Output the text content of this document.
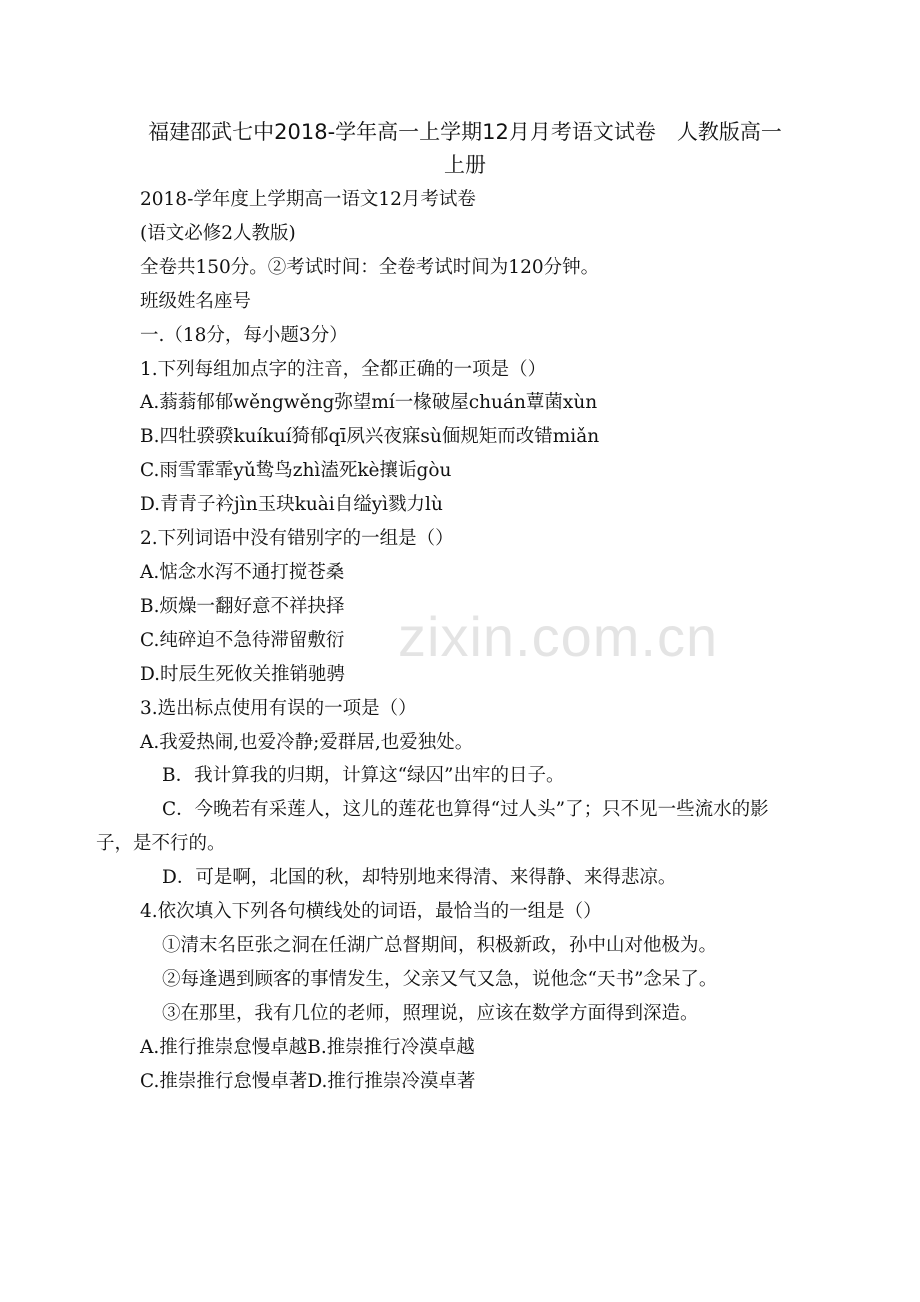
福建邵武七中2018-学年高一上学期12月月考语文试卷　人教版高一上册

2018-学年度上学期高一语文12月考试卷

(语文必修2人教版)

全卷共150分。②考试时间：全卷考试时间为120分钟。

班级姓名座号

一.（18分，每小题3分）

1.下列每组加点字的注音，全都正确的一项是（）

A.蓊蓊郁郁wěngwěng弥望mí一椽破屋chuán蕈菌xùn

B.四牡骙骙kuíkuí猗郁qī夙兴夜寐sù偭规矩而改错miǎn

C.雨雪霏霏yǔ鸷鸟zhì溘死kè攘诟gòu

D.青青子衿jìn玉玦kuài自缢yì戮力lù

2.下列词语中没有错别字的一组是（）

A.惦念水泻不通打搅苍桑

B.烦燥一翻好意不祥抉择

C.纯碎迫不急待滞留敷衍

D.时辰生死攸关推销驰骋

3.选出标点使用有误的一项是（）

A.我爱热闹,也爱冷静;爱群居,也爱独处。

B．我计算我的归期，计算这“绿囚”出牢的日子。

C．今晚若有采莲人，这儿的莲花也算得“过人头”了；只不见一些流水的影子，是不行的。

D．可是啊，北国的秋，却特别地来得清、来得静、来得悲凉。

4.依次填入下列各句横线处的词语，最恰当的一组是（）

①清末名臣张之洞在任湖广总督期间，积极新政，孙中山对他极为。

②每逢遇到顾客的事情发生，父亲又气又急，说他念“天书”念呆了。

③在那里，我有几位的老师，照理说，应该在数学方面得到深造。

A.推行推崇怠慢卓越B.推崇推行冷漠卓越

C.推崇推行怠慢卓著D.推行推崇冷漠卓著

zixin.com.cn
